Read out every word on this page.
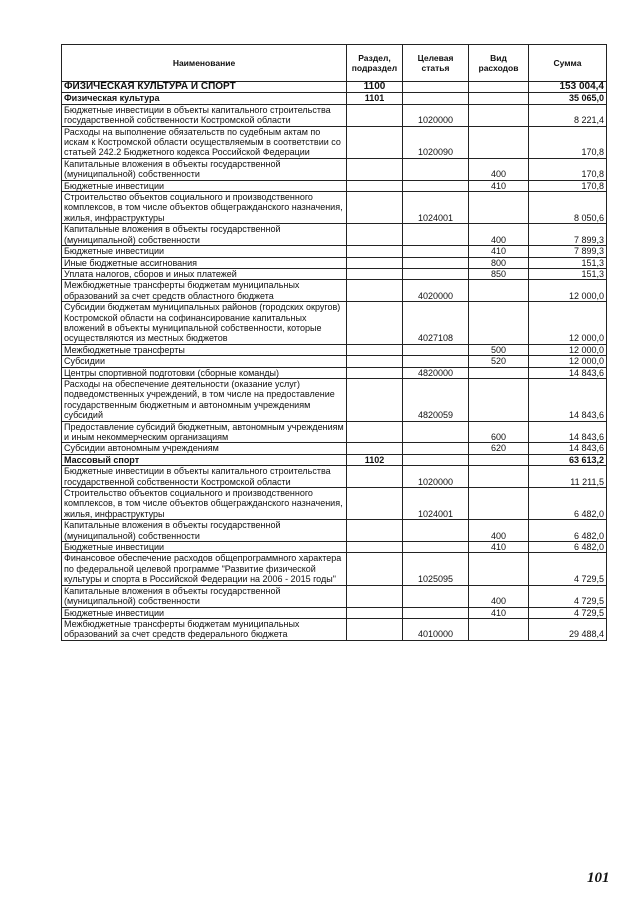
Наименование	Раздел, подраздел	Целевая статья	Вид расходов	Сумма
ФИЗИЧЕСКАЯ КУЛЬТУРА И СПОРТ	1100			153 004,4
Физическая культура	1101			35 065,0
Бюджетные инвестиции в объекты капитального строительства государственной собственности Костромской области		1020000		8 221,4
Расходы на выполнение обязательств по судебным актам по искам к Костромской области осуществляемым в соответствии со статьей 242.2 Бюджетного кодекса Российской Федерации		1020090		170,8
Капитальные вложения в объекты государственной (муниципальной) собственности			400	170,8
Бюджетные инвестиции			410	170,8
Строительство объектов социального и производственного комплексов, в том числе объектов общегражданского назначения, жилья, инфраструктуры		1024001		8 050,6
Капитальные вложения в объекты государственной (муниципальной) собственности			400	7 899,3
Бюджетные инвестиции			410	7 899,3
Иные бюджетные ассигнования			800	151,3
Уплата налогов, сборов и иных платежей			850	151,3
Межбюджетные трансферты бюджетам муниципальных образований за счет средств областного бюджета		4020000		12 000,0
Субсидии бюджетам муниципальных районов (городских округов) Костромской области на софинансирование капитальных вложений в объекты муниципальной собственности, которые осуществляются из местных бюджетов		4027108		12 000,0
Межбюджетные трансферты			500	12 000,0
Субсидии			520	12 000,0
Центры спортивной подготовки (сборные команды)		4820000		14 843,6
Расходы на обеспечение деятельности (оказание услуг) подведомственных учреждений, в том числе на предоставление государственным бюджетным и автономным учреждениям субсидий		4820059		14 843,6
Предоставление субсидий бюджетным, автономным учреждениям и иным некоммерческим организациям			600	14 843,6
Субсидии автономным учреждениям			620	14 843,6
Массовый спорт	1102			63 613,2
Бюджетные инвестиции в объекты капитального строительства государственной собственности Костромской области		1020000		11 211,5
Строительство объектов социального и производственного комплексов, в том числе объектов общегражданского назначения, жилья, инфраструктуры		1024001		6 482,0
Капитальные вложения в объекты государственной (муниципальной) собственности			400	6 482,0
Бюджетные инвестиции			410	6 482,0
Финансовое обеспечение расходов общепрограммного характера по федеральной целевой программе "Развитие физической культуры и спорта в Российской Федерации на 2006 - 2015 годы"		1025095		4 729,5
Капитальные вложения в объекты государственной (муниципальной) собственности			400	4 729,5
Бюджетные инвестиции			410	4 729,5
Межбюджетные трансферты бюджетам муниципальных образований за счет средств федерального бюджета		4010000		29 488,4
101
